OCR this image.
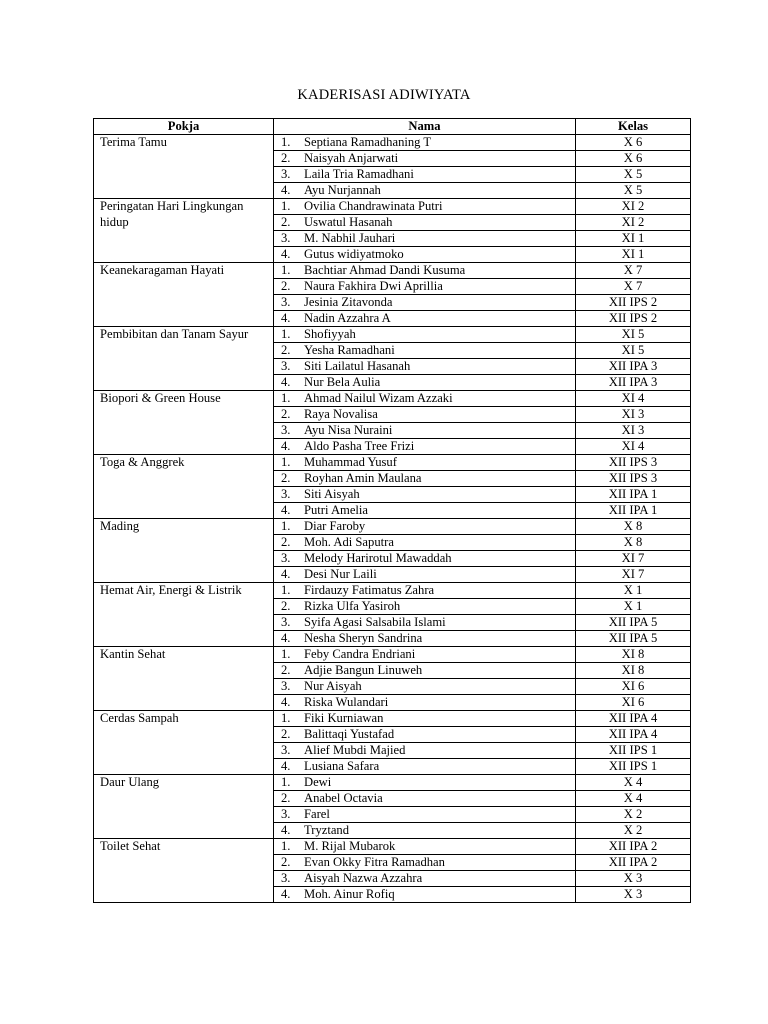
KADERISASI ADIWIYATA
Pokja	Nama	Kelas
Terima Tamu	1. Septiana Ramadhaning T	X 6
	2. Naisyah Anjarwati	X 6
	3. Laila Tria Ramadhani	X 5
	4. Ayu Nurjannah	X 5
Peringatan Hari Lingkungan hidup	1. Ovilia Chandrawinata Putri	XI 2
	2. Uswatul Hasanah	XI 2
	3. M. Nabhil Jauhari	XI 1
	4. Gutus widiyatmoko	XI 1
Keanekaragaman Hayati	1. Bachtiar Ahmad Dandi Kusuma	X 7
	2. Naura Fakhira Dwi Aprillia	X 7
	3. Jesinia Zitavonda	XII IPS 2
	4. Nadin Azzahra A	XII IPS 2
Pembibitan dan Tanam Sayur	1. Shofiyyah	XI 5
	2. Yesha Ramadhani	XI 5
	3. Siti Lailatul Hasanah	XII IPA 3
	4. Nur Bela Aulia	XII IPA 3
Biopori & Green House	1. Ahmad Nailul Wizam Azzaki	XI 4
	2. Raya Novalisa	XI 3
	3. Ayu Nisa Nuraini	XI 3
	4. Aldo Pasha Tree Frizi	XI 4
Toga & Anggrek	1. Muhammad Yusuf	XII IPS 3
	2. Royhan Amin Maulana	XII IPS 3
	3. Siti Aisyah	XII IPA 1
	4. Putri Amelia	XII IPA 1
Mading	1. Diar Faroby	X 8
	2. Moh. Adi Saputra	X 8
	3. Melody Harirotul Mawaddah	XI 7
	4. Desi Nur Laili	XI 7
Hemat Air, Energi & Listrik	1. Firdauzy Fatimatus Zahra	X 1
	2. Rizka Ulfa Yasiroh	X 1
	3. Syifa Agasi Salsabila Islami	XII IPA 5
	4. Nesha Sheryn Sandrina	XII IPA 5
Kantin Sehat	1. Feby Candra Endriani	XI 8
	2. Adjie Bangun Linuweh	XI 8
	3. Nur Aisyah	XI 6
	4. Riska Wulandari	XI 6
Cerdas Sampah	1. Fiki Kurniawan	XII IPA 4
	2. Balittaqi Yustafad	XII IPA 4
	3. Alief Mubdi Majied	XII IPS 1
	4. Lusiana Safara	XII IPS 1
Daur Ulang	1. Dewi	X 4
	2. Anabel Octavia	X 4
	3. Farel	X 2
	4. Tryztand	X 2
Toilet Sehat	1. M. Rijal Mubarok	XII IPA 2
	2. Evan Okky Fitra Ramadhan	XII IPA 2
	3. Aisyah Nazwa Azzahra	X 3
	4. Moh. Ainur Rofiq	X 3
